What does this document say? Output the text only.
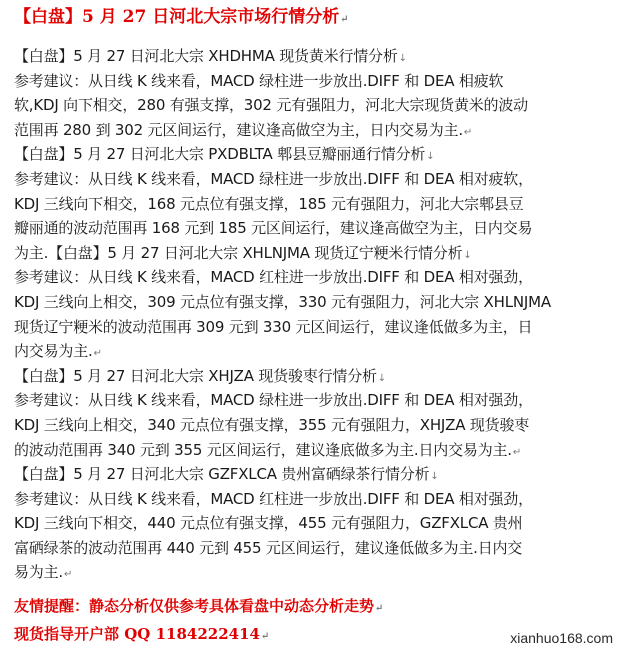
【白盘】5 月 27 日河北大宗市场行情分析↵
【白盘】5 月 27 日河北大宗 XHDHMA 现货黄米行情分析↓
参考建议：从日线 K 线来看，MACD 绿柱进一步放出.DIFF 和 DEA 相疲软
软,KDJ 向下相交，280 有强支撑，302 元有强阻力，河北大宗现货黄米的波动
范围再 280 到 302 元区间运行，建议逢高做空为主，日内交易为主.↵
【白盘】5 月 27 日河北大宗 PXDBLTA 郫县豆瓣丽通行情分析↓
参考建议：从日线 K 线来看，MACD 绿柱进一步放出.DIFF 和 DEA 相对疲软，
KDJ 三线向下相交，168 元点位有强支撑，185 元有强阻力，河北大宗郫县豆
瓣丽通的波动范围再 168 元到 185 元区间运行，建议逢高做空为主，日内交易
为主.【白盘】5 月 27 日河北大宗 XHLNJMA 现货辽宁粳米行情分析↓
参考建议：从日线 K 线来看，MACD 红柱进一步放出.DIFF 和 DEA 相对强劲，
KDJ 三线向上相交，309 元点位有强支撑，330 元有强阻力，河北大宗 XHLNJMA
现货辽宁粳米的波动范围再 309 元到 330 元区间运行，建议逢低做多为主，日
内交易为主.↵
【白盘】5 月 27 日河北大宗 XHJZA 现货骏枣行情分析↓
参考建议：从日线 K 线来看，MACD 绿柱进一步放出.DIFF 和 DEA 相对强劲，
KDJ 三线向上相交，340 元点位有强支撑，355 元有强阻力，XHJZA 现货骏枣
的波动范围再 340 元到 355 元区间运行，建议逢底做多为主.日内交易为主.↵
【白盘】5 月 27 日河北大宗 GZFXLCA 贵州富硒绿茶行情分析↓
参考建议：从日线 K 线来看，MACD 红柱进一步放出.DIFF 和 DEA 相对强劲，
KDJ 三线向下相交，440 元点位有强支撑，455 元有强阻力，GZFXLCA 贵州
富硒绿茶的波动范围再 440 元到 455 元区间运行，建议逢低做多为主.日内交
易为主.↵
友情提醒：静态分析仅供参考具体看盘中动态分析走势↵
现货指导开户部 QQ 1184222414↵	xianhuo168.com
